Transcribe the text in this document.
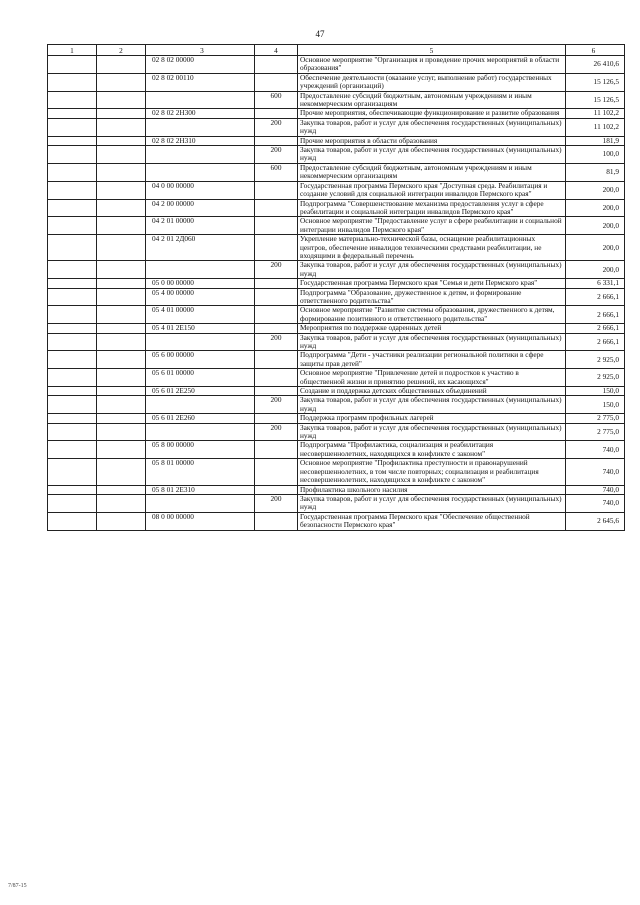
47
1	2	3	4	5	6
		02 8 02 00000		Основное мероприятие "Организация и проведение прочих мероприятий в области образования"	26 410,6
		02 8 02 00110		Обеспечение деятельности (оказание услуг, выполнение работ) государственных учреждений (организаций)	15 126,5
			600	Предоставление субсидий бюджетным, автономным учреждениям и иным некоммерческим организациям	15 126,5
		02 8 02 2Н300		Прочие мероприятия, обеспечивающие функционирование и развитие образования	11 102,2
			200	Закупка товаров, работ и услуг для обеспечения государственных (муниципальных) нужд	11 102,2
		02 8 02 2Н310		Прочие мероприятия в области образования	181,9
			200	Закупка товаров, работ и услуг для обеспечения государственных (муниципальных) нужд	100,0
			600	Предоставление субсидий бюджетным, автономным учреждениям и иным некоммерческим организациям	81,9
		04 0 00 00000		Государственная программа Пермского края "Доступная среда. Реабилитация и создание условий для социальной интеграции инвалидов Пермского края"	200,0
		04 2 00 00000		Подпрограмма "Совершенствование механизма предоставления услуг в сфере реабилитации и социальной интеграции инвалидов Пермского края"	200,0
		04 2 01 00000		Основное мероприятие "Предоставление услуг в сфере реабилитации и социальной интеграции инвалидов Пермского края"	200,0
		04 2 01 2Д060		Укрепление материально-технической базы, оснащение реабилитационных центров, обеспечение инвалидов техническими средствами реабилитации, не входящими в федеральный перечень	200,0
			200	Закупка товаров, работ и услуг для обеспечения государственных (муниципальных) нужд	200,0
		05 0 00 00000		Государственная программа Пермского края "Семья и дети Пермского края"	6 331,1
		05 4 00 00000		Подпрограмма "Образование, дружественное к детям, и формирование ответственного родительства"	2 666,1
		05 4 01 00000		Основное мероприятие "Развитие системы образования, дружественного к детям, формирование позитивного и ответственного родительства"	2 666,1
		05 4 01 2Е150		Мероприятия по поддержке одаренных детей	2 666,1
			200	Закупка товаров, работ и услуг для обеспечения государственных (муниципальных) нужд	2 666,1
		05 6 00 00000		Подпрограмма "Дети - участники реализации региональной политики в сфере защиты прав детей"	2 925,0
		05 6 01 00000		Основное мероприятие "Привлечение детей и подростков к участию в общественной жизни и принятию решений, их касающихся"	2 925,0
		05 6 01 2Е250		Создание и поддержка детских общественных объединений	150,0
			200	Закупка товаров, работ и услуг для обеспечения государственных (муниципальных) нужд	150,0
		05 6 01 2Е260		Поддержка программ профильных лагерей	2 775,0
			200	Закупка товаров, работ и услуг для обеспечения государственных (муниципальных) нужд	2 775,0
		05 8 00 00000		Подпрограмма "Профилактика, социализация и реабилитация несовершеннолетних, находящихся в конфликте с законом"	740,0
		05 8 01 00000		Основное мероприятие "Профилактика преступности и правонарушений несовершеннолетних, в том числе повторных; социализация и реабилитация несовершеннолетних, находящихся в конфликте с законом"	740,0
		05 8 01 2Е310		Профилактика школьного насилия	740,0
			200	Закупка товаров, работ и услуг для обеспечения государственных (муниципальных) нужд	740,0
		08 0 00 00000		Государственная программа Пермского края "Обеспечение общественной безопасности Пермского края"	2 645,6
7/87-15
